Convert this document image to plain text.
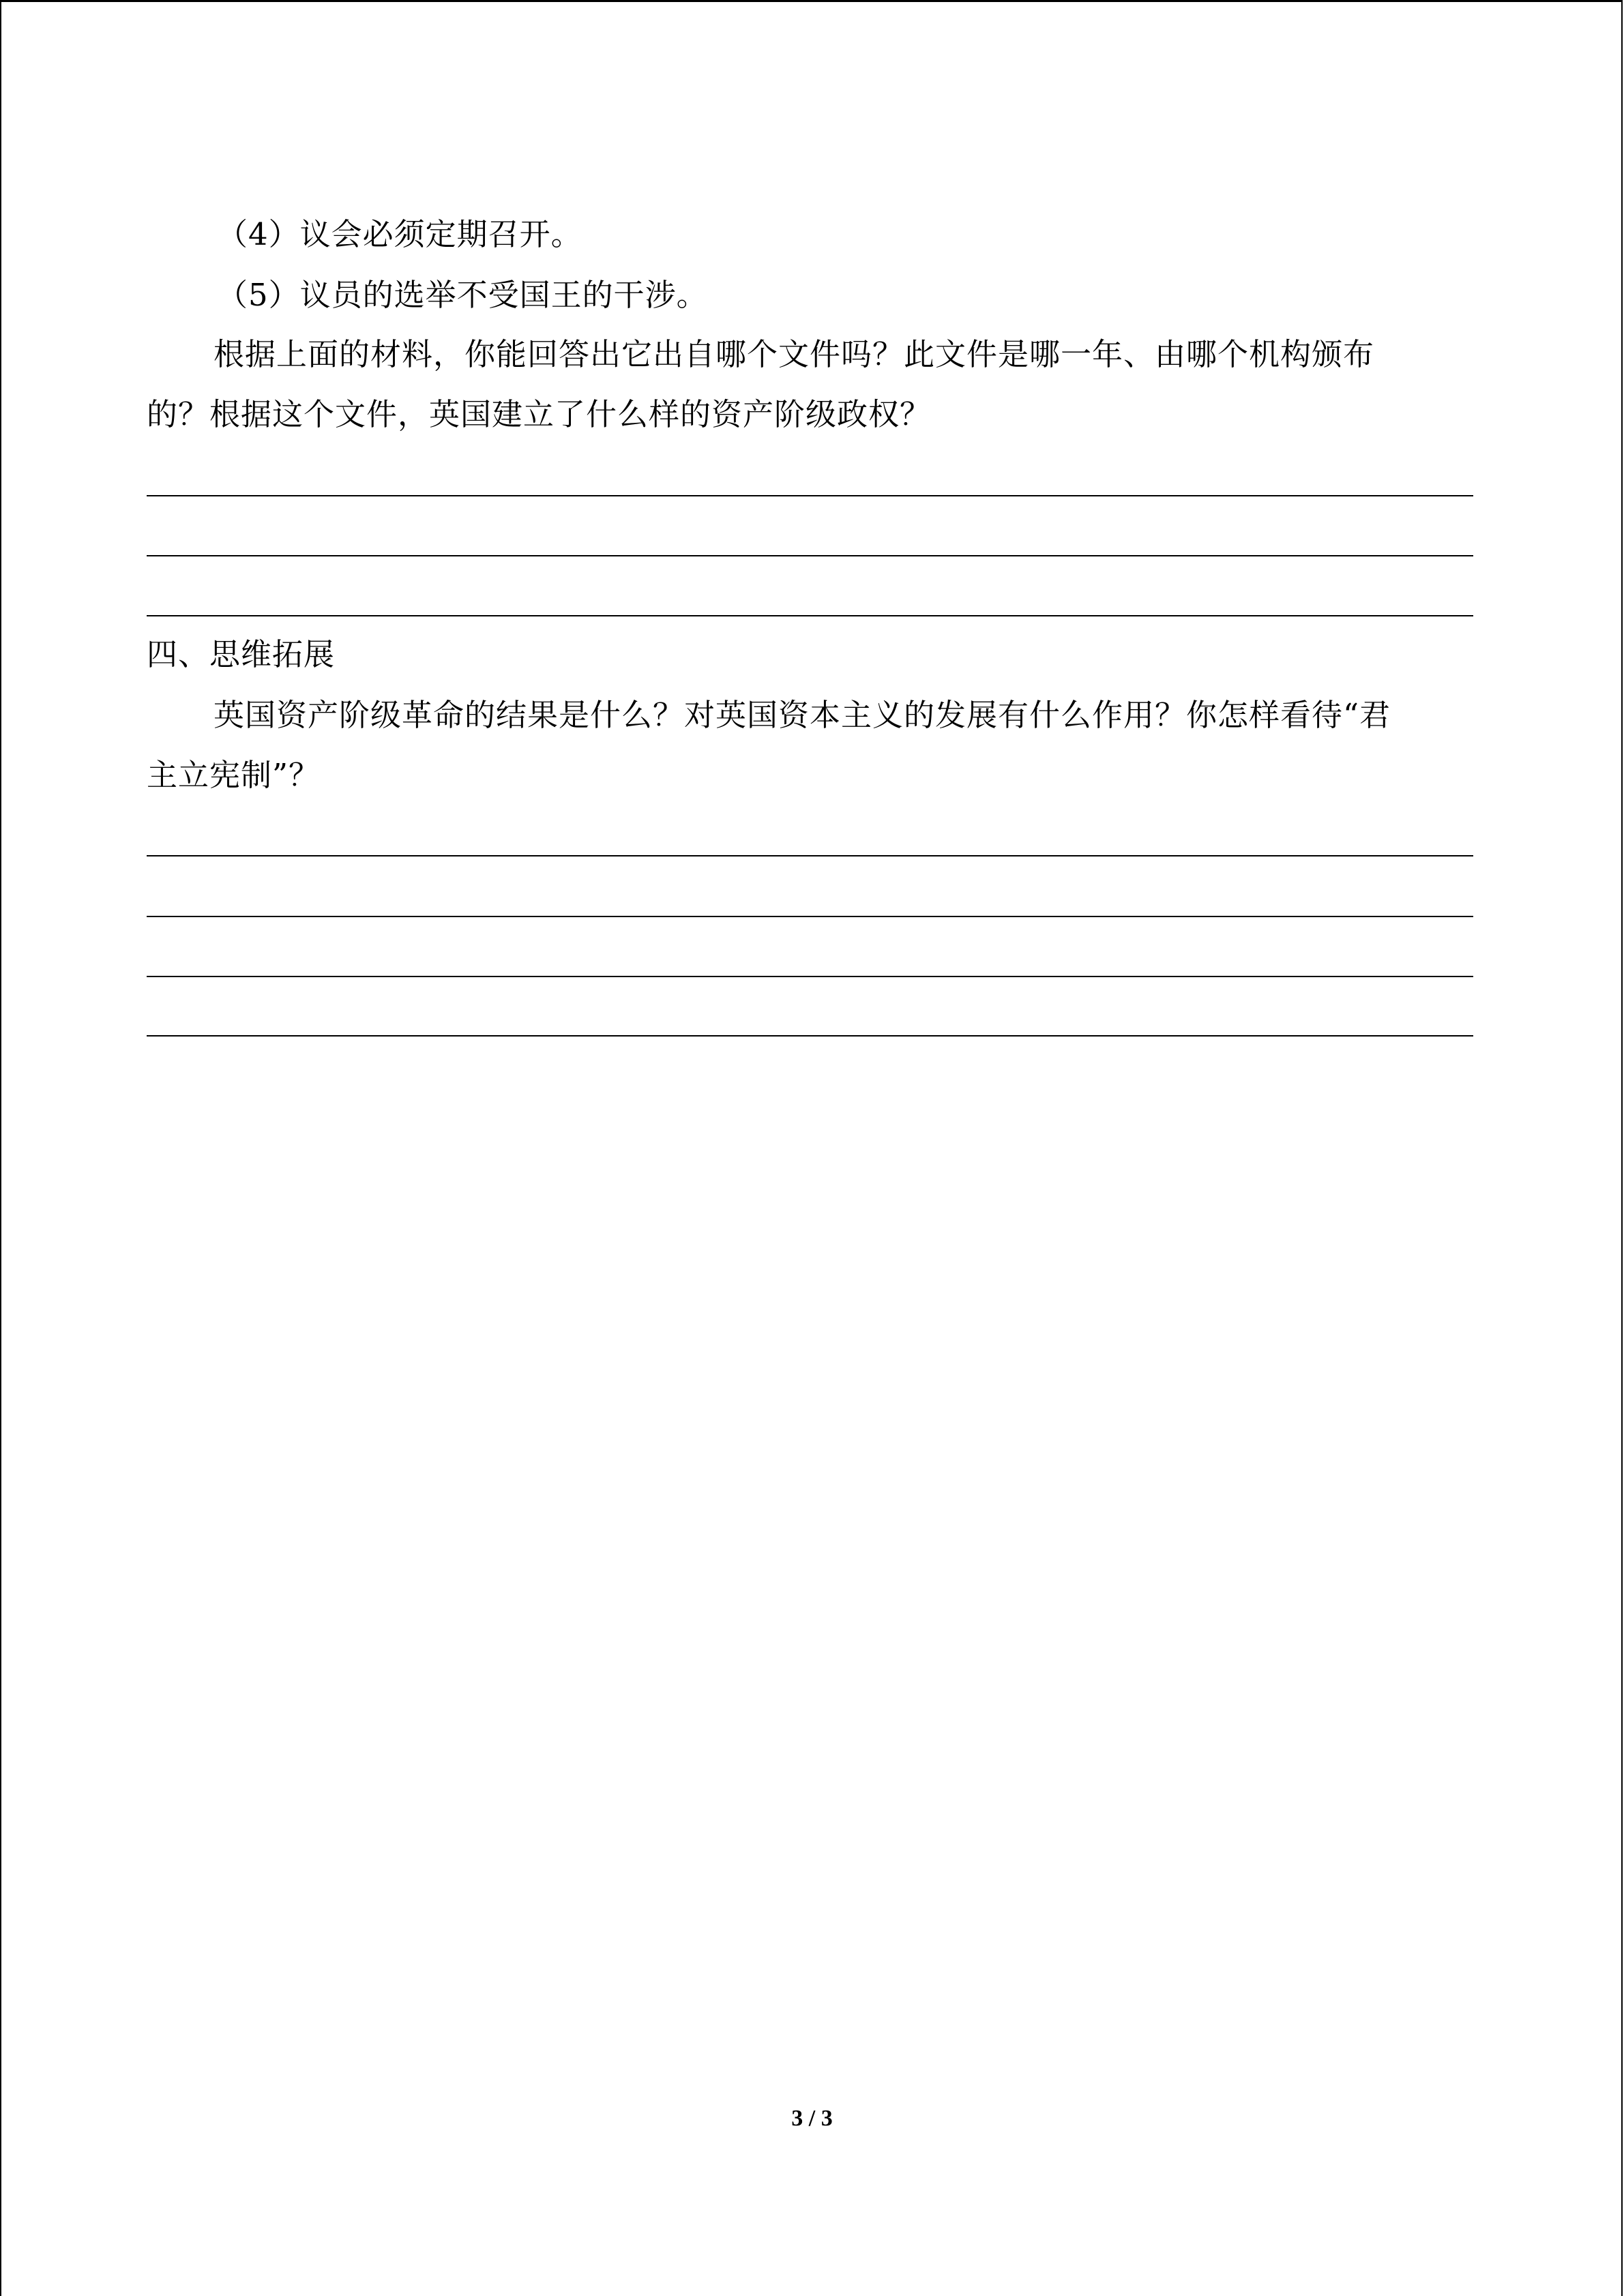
（4）议会必须定期召开。
（5）议员的选举不受国王的干涉。
根据上面的材料，你能回答出它出自哪个文件吗？此文件是哪一年、由哪个机构颁布
的？根据这个文件，英国建立了什么样的资产阶级政权？
四、思维拓展
英国资产阶级革命的结果是什么？对英国资本主义的发展有什么作用？你怎样看待“君
主立宪制”？
3 / 3
